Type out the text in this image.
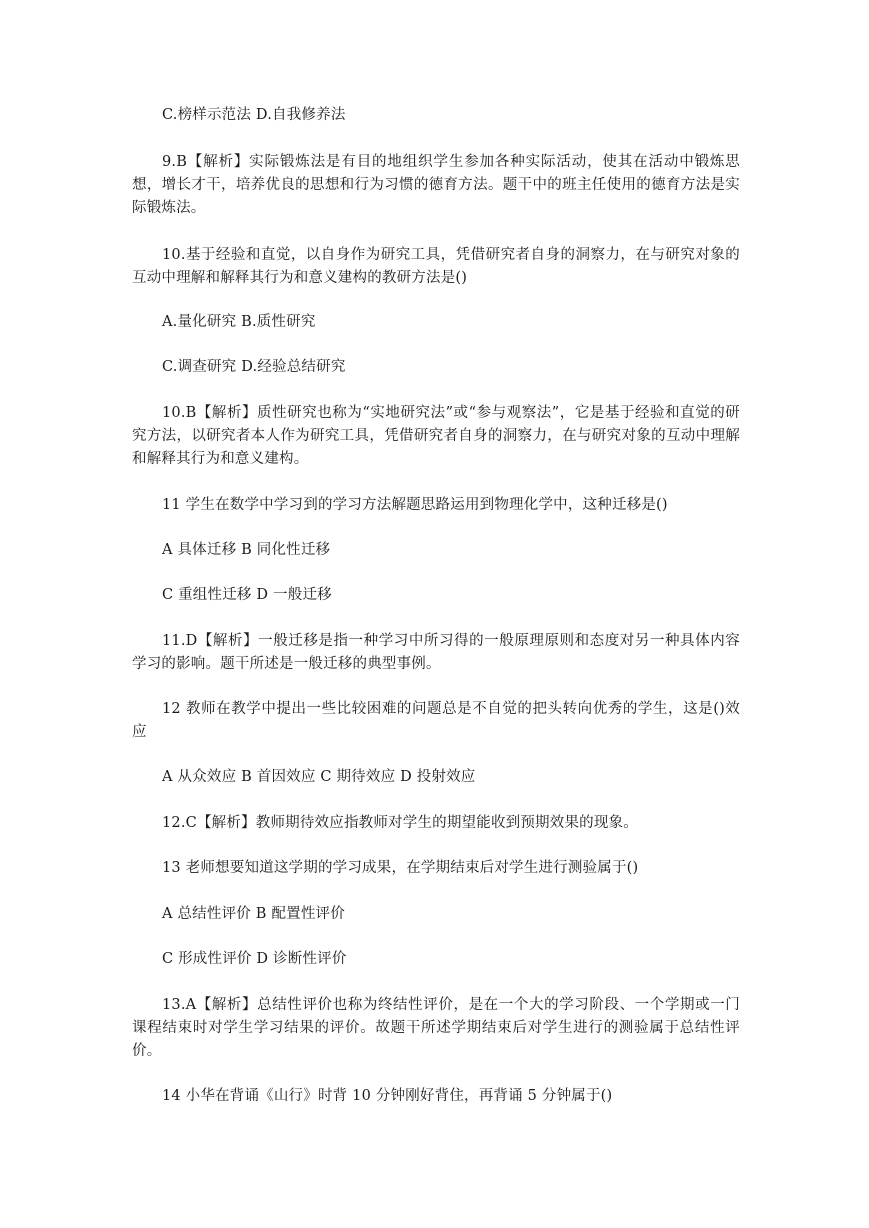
C.榜样示范法 D.自我修养法

9.B【解析】实际锻炼法是有目的地组织学生参加各种实际活动，使其在活动中锻炼思想，增长才干，培养优良的思想和行为习惯的德育方法。题干中的班主任使用的德育方法是实际锻炼法。

10.基于经验和直觉，以自身作为研究工具，凭借研究者自身的洞察力，在与研究对象的互动中理解和解释其行为和意义建构的教研方法是()

A.量化研究 B.质性研究

C.调查研究 D.经验总结研究

10.B【解析】质性研究也称为“实地研究法”或“参与观察法”，它是基于经验和直觉的研究方法，以研究者本人作为研究工具，凭借研究者自身的洞察力，在与研究对象的互动中理解和解释其行为和意义建构。

11 学生在数学中学习到的学习方法解题思路运用到物理化学中，这种迁移是()

A 具体迁移 B 同化性迁移

C 重组性迁移 D 一般迁移

11.D【解析】一般迁移是指一种学习中所习得的一般原理原则和态度对另一种具体内容学习的影响。题干所述是一般迁移的典型事例。

12 教师在教学中提出一些比较困难的问题总是不自觉的把头转向优秀的学生，这是()效应

A 从众效应 B 首因效应 C 期待效应 D 投射效应

12.C【解析】教师期待效应指教师对学生的期望能收到预期效果的现象。

13 老师想要知道这学期的学习成果，在学期结束后对学生进行测验属于()

A 总结性评价 B 配置性评价

C 形成性评价 D 诊断性评价

13.A【解析】总结性评价也称为终结性评价，是在一个大的学习阶段、一个学期或一门课程结束时对学生学习结果的评价。故题干所述学期结束后对学生进行的测验属于总结性评价。

14 小华在背诵《山行》时背 10 分钟刚好背住，再背诵 5 分钟属于()
